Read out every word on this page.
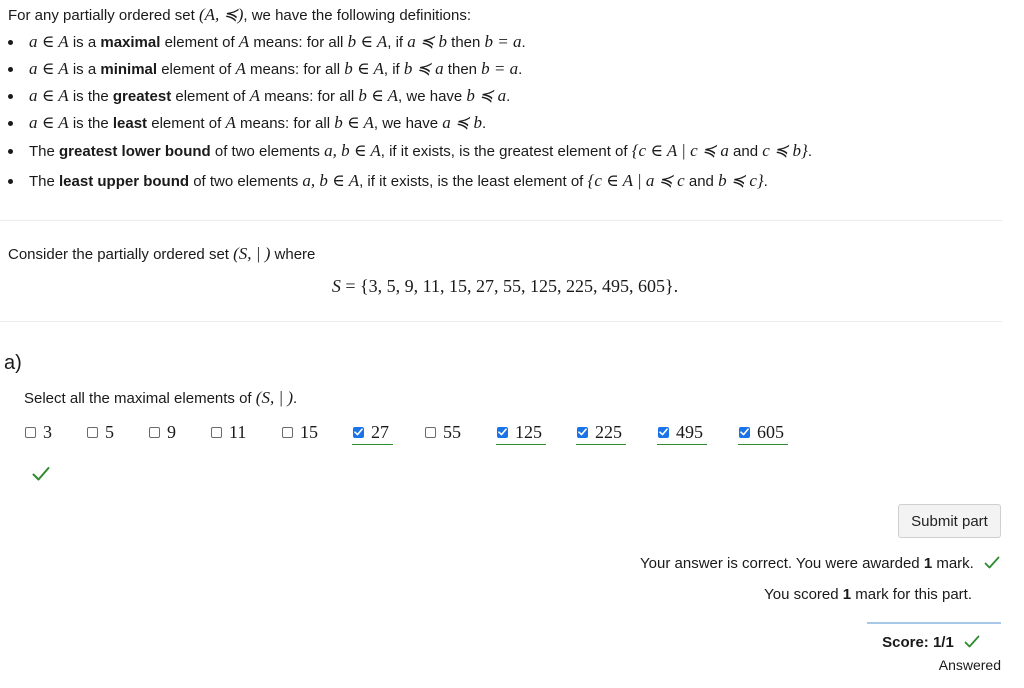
For any partially ordered set (A, ≼), we have the following definitions:
a ∈ A is a maximal element of A means: for all b ∈ A, if a ≼ b then b = a.
a ∈ A is a minimal element of A means: for all b ∈ A, if b ≼ a then b = a.
a ∈ A is the greatest element of A means: for all b ∈ A, we have b ≼ a.
a ∈ A is the least element of A means: for all b ∈ A, we have a ≼ b.
The greatest lower bound of two elements a, b ∈ A, if it exists, is the greatest element of {c ∈ A | c ≼ a and c ≼ b}.
The least upper bound of two elements a, b ∈ A, if it exists, is the least element of {c ∈ A | a ≼ c and b ≼ c}.
Consider the partially ordered set (S, | ) where
S = {3, 5, 9, 11, 15, 27, 55, 125, 225, 495, 605}.
a)
Select all the maximal elements of (S, | ).
3	5	9	11	15	27	55	125	225	495	605
Submit part
Your answer is correct. You were awarded 1 mark.
You scored 1 mark for this part.
Score: 1/1
Answered
